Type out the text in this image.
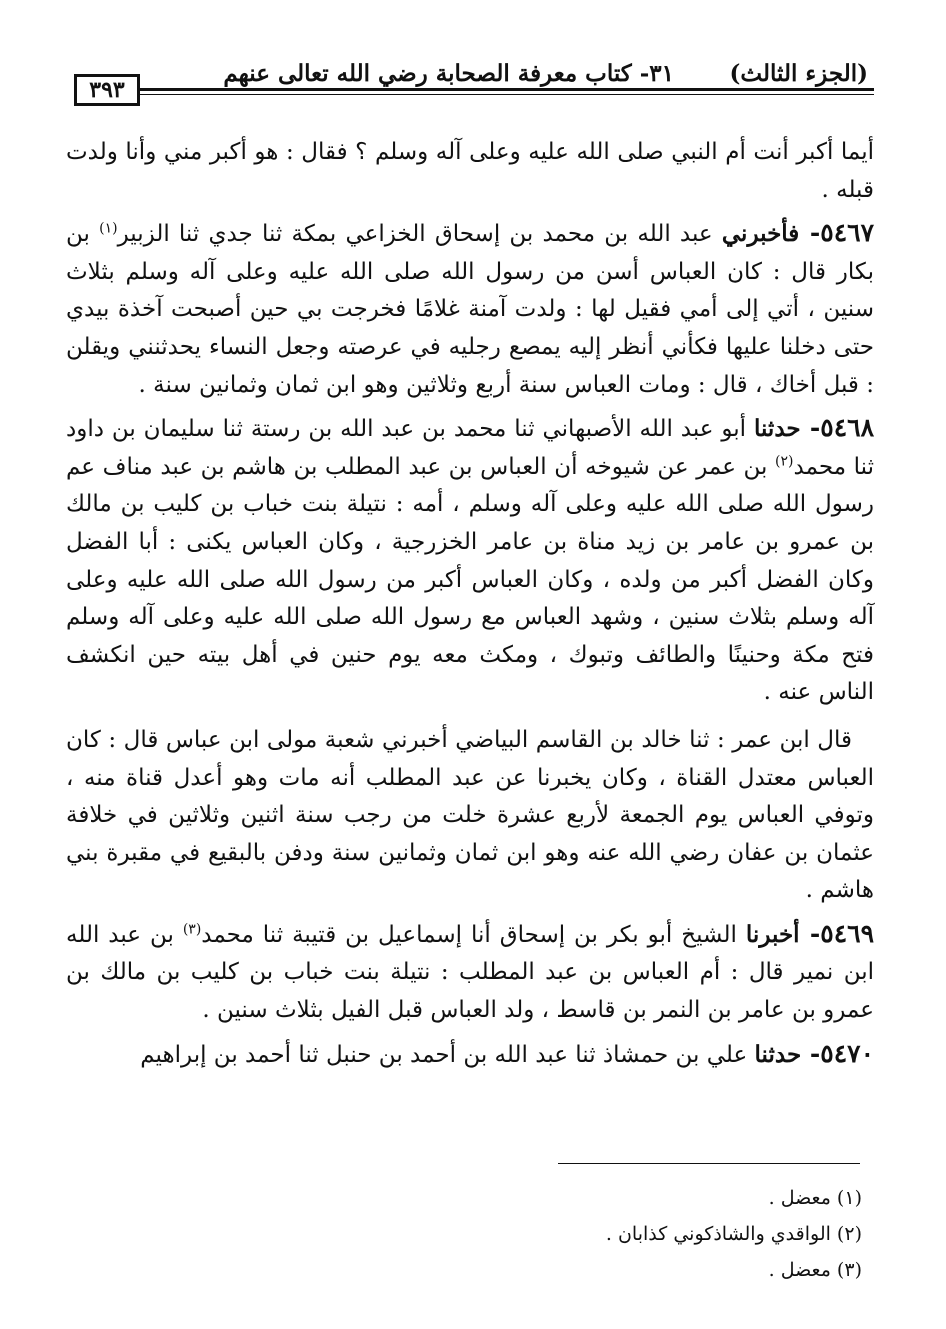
(الجزء الثالث)
٣١- كتاب معرفة الصحابة رضي الله تعالى عنهم
٣٩٣

أيما أكبر أنت أم النبي صلى الله عليه وعلى آله وسلم ؟ فقال : هو أكبر مني وأنا ولدت قبله .

٥٤٦٧- فأخبرني عبد الله بن محمد بن إسحاق الخزاعي بمكة ثنا جدي ثنا الزبير$^{(١)}$ بن بكار قال : كان العباس أسن من رسول الله صلى الله عليه وعلى آله وسلم بثلاث سنين ، أتي إلى أمي فقيل لها : ولدت آمنة غلامًا فخرجت بي حين أصبحت آخذة بيدي حتى دخلنا عليها فكأني أنظر إليه يمصع رجليه في عرصته وجعل النساء يحدثنني ويقلن : قبل أخاك ، قال : ومات العباس سنة أربع وثلاثين وهو ابن ثمان وثمانين سنة .

٥٤٦٨- حدثنا أبو عبد الله الأصبهاني ثنا محمد بن عبد الله بن رستة ثنا سليمان بن داود ثنا محمد$^{(٢)}$ بن عمر عن شيوخه أن العباس بن عبد المطلب بن هاشم بن عبد مناف عم رسول الله صلى الله عليه وعلى آله وسلم ، أمه : نتيلة بنت خباب بن كليب بن مالك بن عمرو بن عامر بن زيد مناة بن عامر الخزرجية ، وكان العباس يكنى : أبا الفضل وكان الفضل أكبر من ولده ، وكان العباس أكبر من رسول الله صلى الله عليه وعلى آله وسلم بثلاث سنين ، وشهد العباس مع رسول الله صلى الله عليه وعلى آله وسلم فتح مكة وحنينًا والطائف وتبوك ، ومكث معه يوم حنين في أهل بيته حين انكشف الناس عنه .

قال ابن عمر : ثنا خالد بن القاسم البياضي أخبرني شعبة مولى ابن عباس قال : كان العباس معتدل القناة ، وكان يخبرنا عن عبد المطلب أنه مات وهو أعدل قناة منه ، وتوفي العباس يوم الجمعة لأربع عشرة خلت من رجب سنة اثنين وثلاثين في خلافة عثمان بن عفان رضي الله عنه وهو ابن ثمان وثمانين سنة ودفن بالبقيع في مقبرة بني هاشم .

٥٤٦٩- أخبرنا الشيخ أبو بكر بن إسحاق أنا إسماعيل بن قتيبة ثنا محمد$^{(٣)}$ بن عبد الله ابن نمير قال : أم العباس بن عبد المطلب : نتيلة بنت خباب بن كليب بن مالك بن عمرو بن عامر بن النمر بن قاسط ، ولد العباس قبل الفيل بثلاث سنين .

٥٤٧٠- حدثنا علي بن حمشاذ ثنا عبد الله بن أحمد بن حنبل ثنا أحمد بن إبراهيم

(١) معضل .
(٢) الواقدي والشاذكوني كذابان .
(٣) معضل .
